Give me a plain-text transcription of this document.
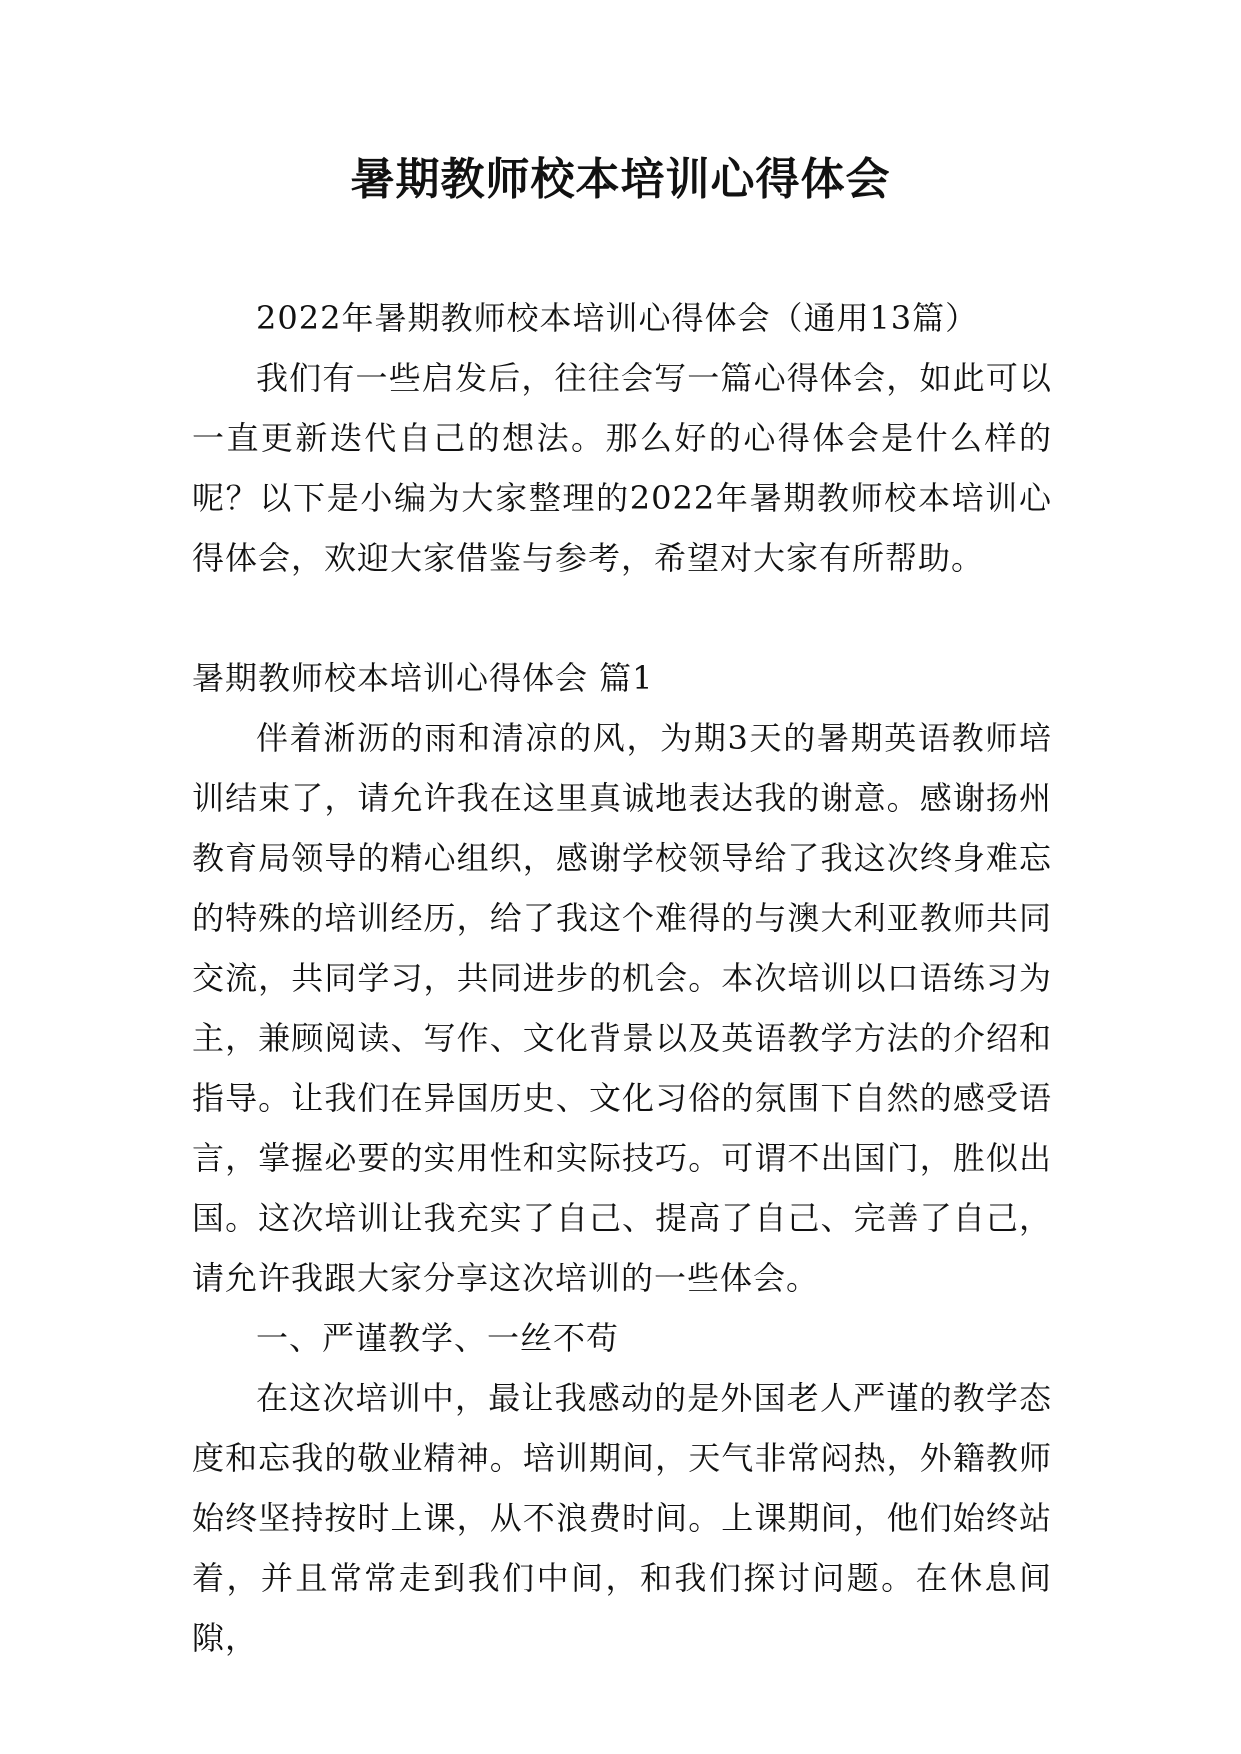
暑期教师校本培训心得体会

2022年暑期教师校本培训心得体会（通用13篇）

我们有一些启发后，往往会写一篇心得体会，如此可以一直更新迭代自己的想法。那么好的心得体会是什么样的呢？以下是小编为大家整理的2022年暑期教师校本培训心得体会，欢迎大家借鉴与参考，希望对大家有所帮助。

暑期教师校本培训心得体会 篇1

伴着淅沥的雨和清凉的风，为期3天的暑期英语教师培训结束了，请允许我在这里真诚地表达我的谢意。感谢扬州教育局领导的精心组织，感谢学校领导给了我这次终身难忘的特殊的培训经历，给了我这个难得的与澳大利亚教师共同交流，共同学习，共同进步的机会。本次培训以口语练习为主，兼顾阅读、写作、文化背景以及英语教学方法的介绍和指导。让我们在异国历史、文化习俗的氛围下自然的感受语言，掌握必要的实用性和实际技巧。可谓不出国门，胜似出国。这次培训让我充实了自己、提高了自己、完善了自己，请允许我跟大家分享这次培训的一些体会。

一、严谨教学、一丝不苟

在这次培训中，最让我感动的是外国老人严谨的教学态度和忘我的敬业精神。培训期间，天气非常闷热，外籍教师始终坚持按时上课，从不浪费时间。上课期间，他们始终站着，并且常常走到我们中间，和我们探讨问题。在休息间隙，
